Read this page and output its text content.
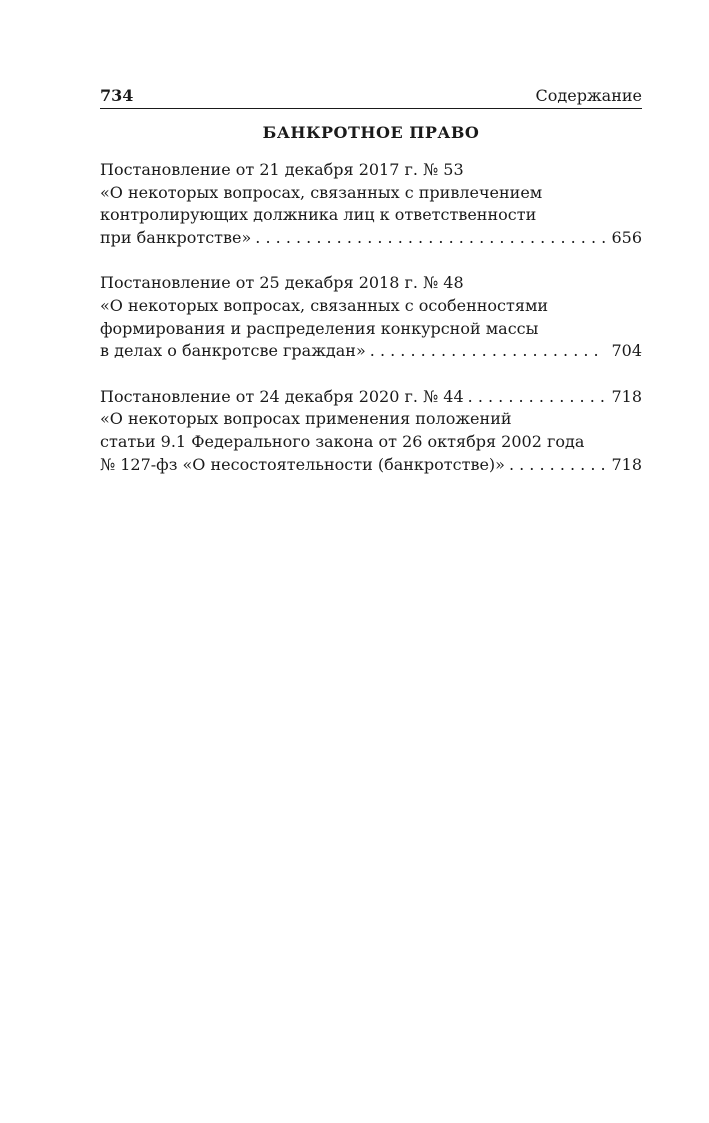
734	Содержание
БАНКРОТНОЕ ПРАВО
Постановление от 21 декабря 2017 г. № 53
«О некоторых вопросах, связанных с привлечением
контролирующих должника лиц к ответственности
при банкротстве» . . .	656
Постановление от 25 декабря 2018 г. № 48
«О некоторых вопросах, связанных с особенностями
формирования и распределения конкурсной массы
в делах о банкротсве граждан» . . .	704
Постановление от 24 декабря 2020 г. № 44 . . .	718
«О некоторых вопросах применения положений
статьи 9.1 Федерального закона от 26 октября 2002 года
№ 127-фз «О несостоятельности (банкротстве)» . . .	718
